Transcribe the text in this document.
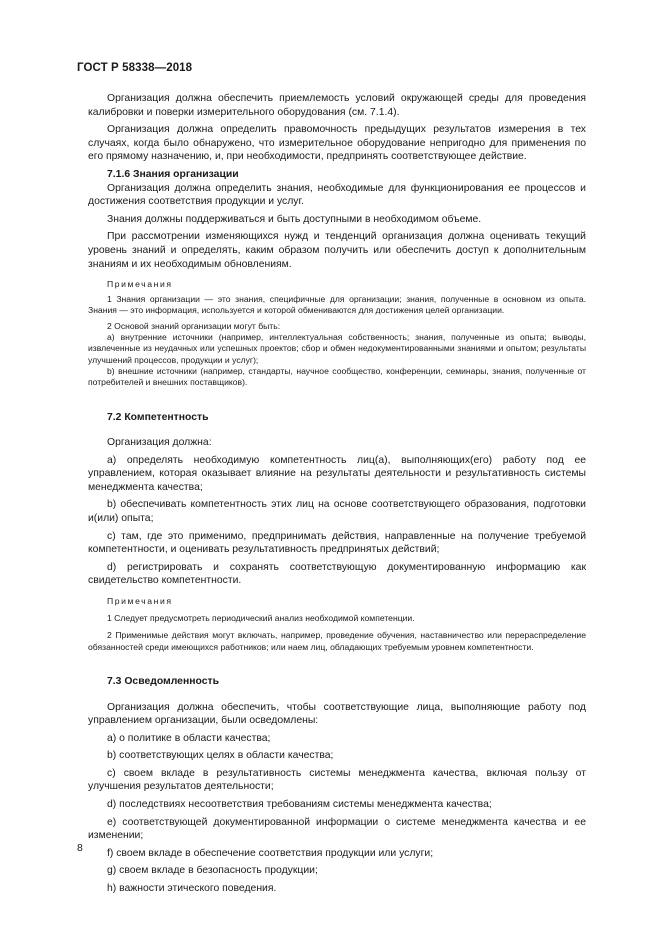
ГОСТ Р 58338—2018

Организация должна обеспечить приемлемость условий окружающей среды для проведения калибровки и поверки измерительного оборудования (см. 7.1.4).

Организация должна определить правомочность предыдущих результатов измерения в тех случаях, когда было обнаружено, что измерительное оборудование непригодно для применения по его прямому назначению, и, при необходимости, предпринять соответствующее действие.

7.1.6 Знания организации

Организация должна определить знания, необходимые для функционирования ее процессов и достижения соответствия продукции и услуг.

Знания должны поддерживаться и быть доступными в необходимом объеме.

При рассмотрении изменяющихся нужд и тенденций организация должна оценивать текущий уровень знаний и определять, каким образом получить или обеспечить доступ к дополнительным знаниям и их необходимым обновлениям.

Примечания

1 Знания организации — это знания, специфичные для организации; знания, полученные в основном из опыта. Знания — это информация, используется и которой обмениваются для достижения целей организации.

2 Основой знаний организации могут быть:

a) внутренние источники (например, интеллектуальная собственность; знания, полученные из опыта; выводы, извлеченные из неудачных или успешных проектов; сбор и обмен недокументированными знаниями и опытом; результаты улучшений процессов, продукции и услуг);

b) внешние источники (например, стандарты, научное сообщество, конференции, семинары, знания, полученные от потребителей и внешних поставщиков).

7.2 Компетентность

Организация должна:

a) определять необходимую компетентность лиц(а), выполняющих(его) работу под ее управлением, которая оказывает влияние на результаты деятельности и результативность системы менеджмента качества;

b) обеспечивать компетентность этих лиц на основе соответствующего образования, подготовки и(или) опыта;

c) там, где это применимо, предпринимать действия, направленные на получение требуемой компетентности, и оценивать результативность предпринятых действий;

d) регистрировать и сохранять соответствующую документированную информацию как свидетельство компетентности.

Примечания

1 Следует предусмотреть периодический анализ необходимой компетенции.

2 Применимые действия могут включать, например, проведение обучения, наставничество или перераспределение обязанностей среди имеющихся работников; или наем лиц, обладающих требуемым уровнем компетентности.

7.3 Осведомленность

Организация должна обеспечить, чтобы соответствующие лица, выполняющие работу под управлением организации, были осведомлены:

a) о политике в области качества;

b) соответствующих целях в области качества;

c) своем вкладе в результативность системы менеджмента качества, включая пользу от улучшения результатов деятельности;

d) последствиях несоответствия требованиям системы менеджмента качества;

e) соответствующей документированной информации о системе менеджмента качества и ее изменении;

f) своем вкладе в обеспечение соответствия продукции или услуги;

g) своем вкладе в безопасность продукции;

h) важности этического поведения.

8
